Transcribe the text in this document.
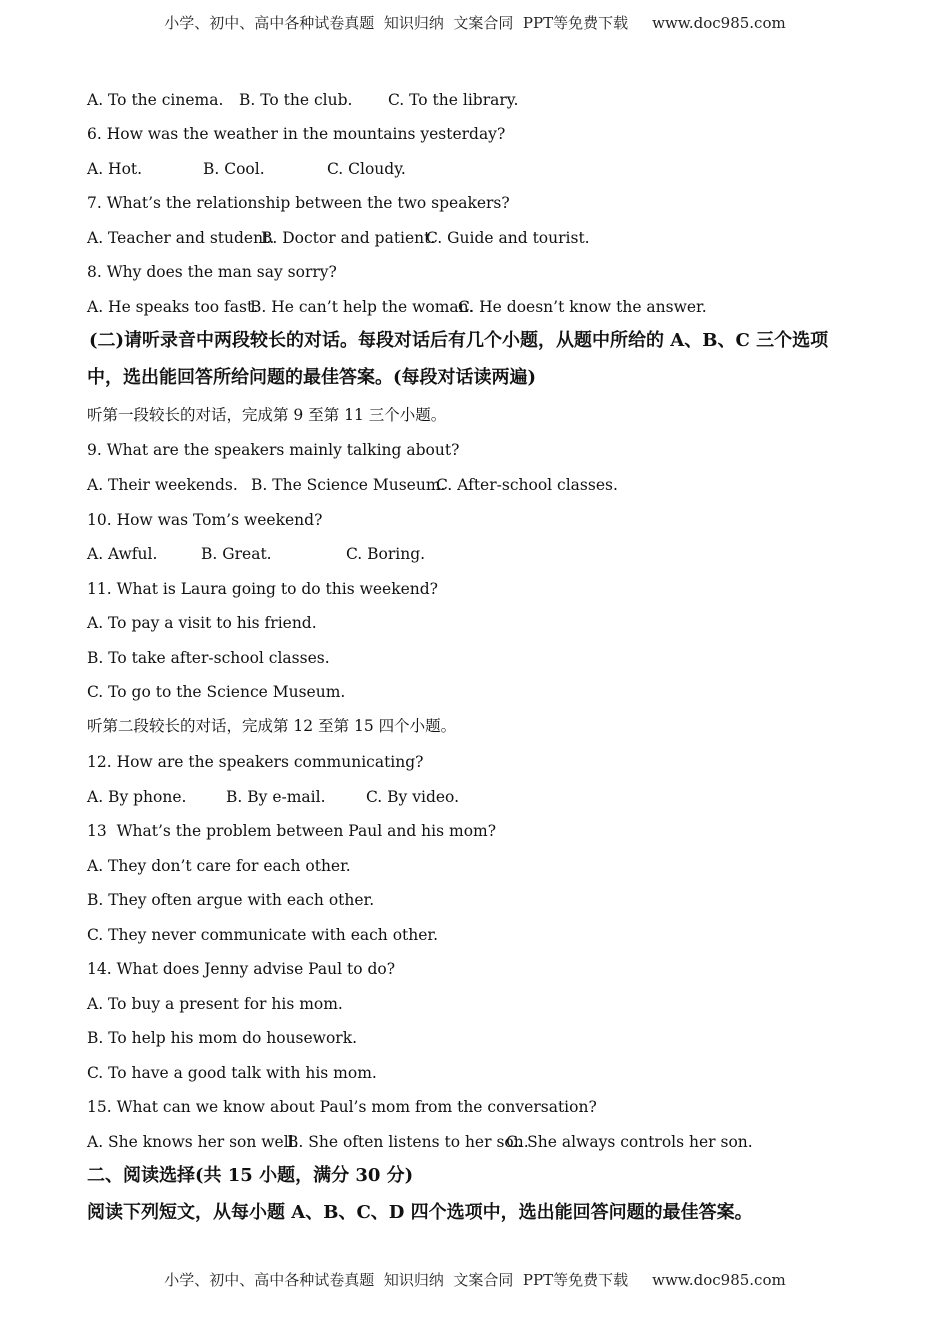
小学、初中、高中各种试卷真题  知识归纳  文案合同  PPT等免费下载 www.doc985.com
A. To the cinema. B. To the club. C. To the library.
6. How was the weather in the mountains yesterday?
A. Hot.	B. Cool.	C. Cloudy.
7. What’s the relationship between the two speakers?
A. Teacher and student.B. Doctor and patient.C. Guide and tourist.
8. Why does the man say sorry?
A. He speaks too fast.B. He can’t help the woman.C. He doesn’t know the answer.
(二)请听录音中两段较长的对话。每段对话后有几个小题，从题中所给的 A、B、C 三个选项
中，选出能回答所给问题的最佳答案。(每段对话读两遍)
听第一段较长的对话，完成第 9 至第 11 三个小题。
9. What are the speakers mainly talking about?
A. Their weekends. B. The Science Museum.C. After-school classes.
10. How was Tom’s weekend?
A. Awful.	B. Great.	C. Boring.
11. What is Laura going to do this weekend?
A. To pay a visit to his friend.
B. To take after-school classes.
C. To go to the Science Museum.
听第二段较长的对话，完成第 12 至第 15 四个小题。
12. How are the speakers communicating?
A. By phone.	B. By e-mail.	C. By video.
13  What’s the problem between Paul and his mom?
A. They don’t care for each other.
B. They often argue with each other.
C. They never communicate with each other.
14. What does Jenny advise Paul to do?
A. To buy a present for his mom.
B. To help his mom do housework.
C. To have a good talk with his mom.
15. What can we know about Paul’s mom from the conversation?
A. She knows her son well.B. She often listens to her son.C. She always controls her son.
二、阅读选择(共 15 小题，满分 30 分)
阅读下列短文，从每小题 A、B、C、D 四个选项中，选出能回答问题的最佳答案。
小学、初中、高中各种试卷真题  知识归纳  文案合同  PPT等免费下载 www.doc985.com
